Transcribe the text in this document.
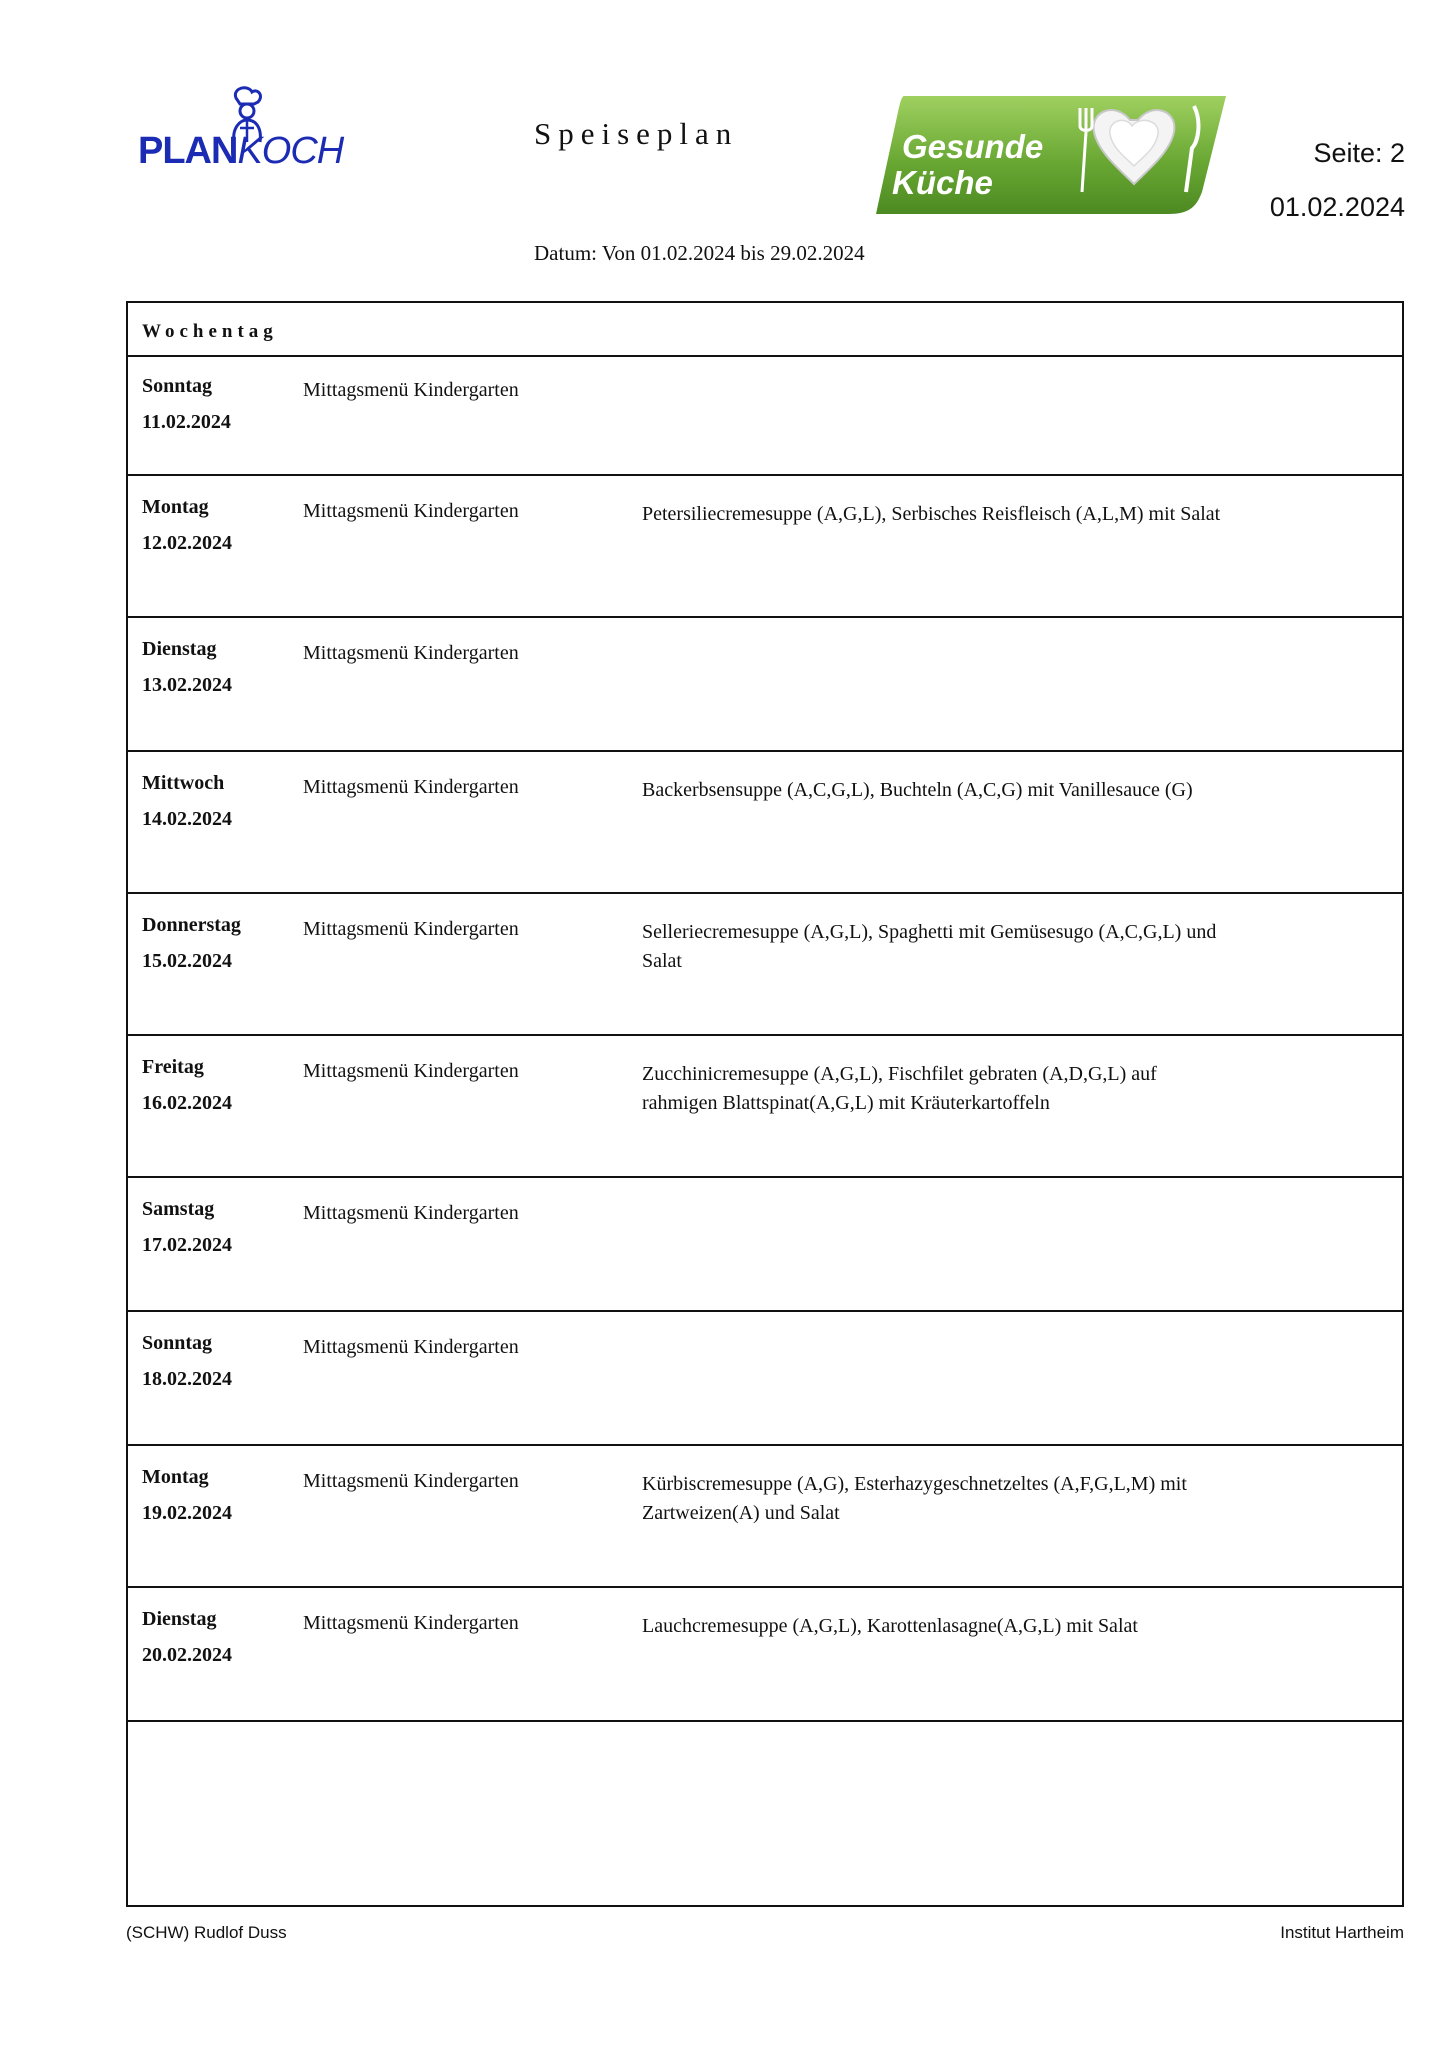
PLANKOCH	Speiseplan
Datum: Von 01.02.2024 bis 29.02.2024
Gesunde
Küche
Seite: 2
01.02.2024
Wochentag
Sonntag
11.02.2024
Mittagsmenü Kindergarten
Montag
12.02.2024
Mittagsmenü Kindergarten	Petersiliecremesuppe (A,G,L), Serbisches Reisfleisch (A,L,M) mit Salat
Dienstag
13.02.2024
Mittagsmenü Kindergarten
Mittwoch
14.02.2024
Mittagsmenü Kindergarten	Backerbsensuppe (A,C,G,L), Buchteln (A,C,G) mit Vanillesauce (G)
Donnerstag
15.02.2024
Mittagsmenü Kindergarten	Selleriecremesuppe (A,G,L), Spaghetti mit Gemüsesugo (A,C,G,L) und Salat
Freitag
16.02.2024
Mittagsmenü Kindergarten	Zucchinicremesuppe (A,G,L), Fischfilet gebraten (A,D,G,L) auf rahmigen Blattspinat(A,G,L) mit Kräuterkartoffeln
Samstag
17.02.2024
Mittagsmenü Kindergarten
Sonntag
18.02.2024
Mittagsmenü Kindergarten
Montag
19.02.2024
Mittagsmenü Kindergarten	Kürbiscremesuppe (A,G), Esterhazygeschnetzeltes (A,F,G,L,M) mit Zartweizen(A) und Salat
Dienstag
20.02.2024
Mittagsmenü Kindergarten	Lauchcremesuppe (A,G,L), Karottenlasagne(A,G,L) mit Salat
(SCHW) Rudlof Duss	Institut Hartheim
